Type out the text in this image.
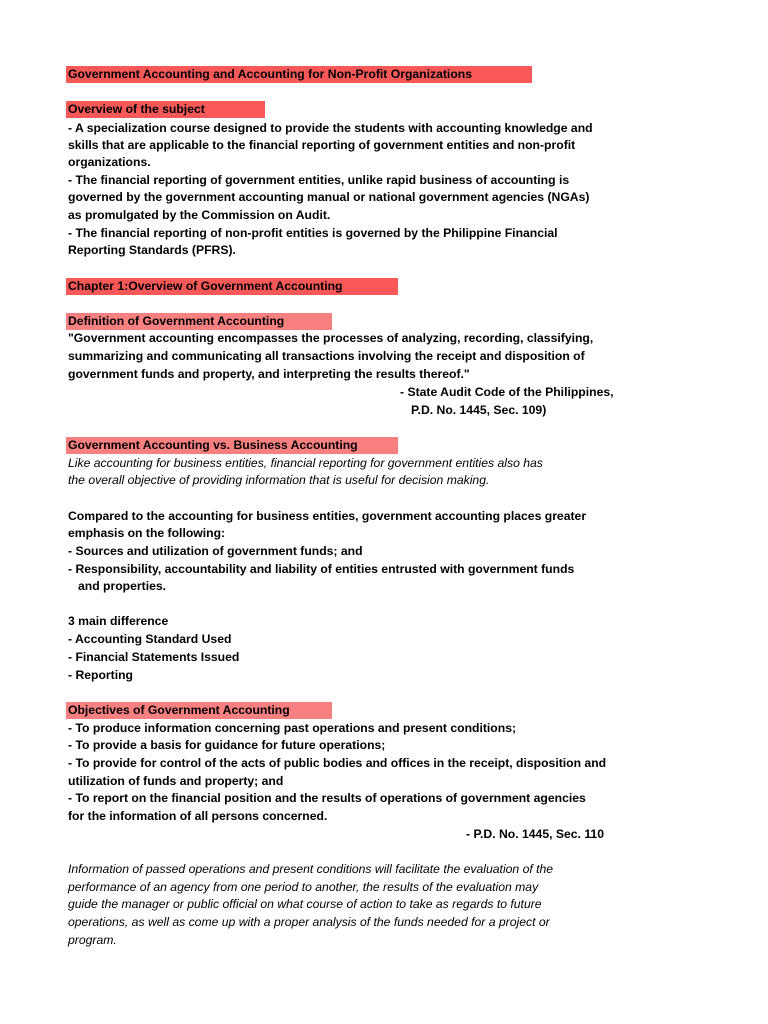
Government Accounting and Accounting for Non-Profit Organizations
Overview of the subject
- A specialization course designed to provide the students with accounting knowledge and
skills that are applicable to the financial reporting of government entities and non-profit
organizations.
- The financial reporting of government entities, unlike rapid business of accounting is
governed by the government accounting manual or national government agencies (NGAs)
as promulgated by the Commission on Audit.
- The financial reporting of non-profit entities is governed by the Philippine Financial
Reporting Standards (PFRS).
Chapter 1:Overview of Government Accounting
Definition of Government Accounting
"Government accounting encompasses the processes of analyzing, recording, classifying,
summarizing and communicating all transactions involving the receipt and disposition of
government funds and property, and interpreting the results thereof."
- State Audit Code of the Philippines,
P.D. No. 1445, Sec. 109)
Government Accounting vs. Business Accounting
Like accounting for business entities, financial reporting for government entities also has
the overall objective of providing information that is useful for decision making.
Compared to the accounting for business entities, government accounting places greater
emphasis on the following:
- Sources and utilization of government funds; and
- Responsibility, accountability and liability of entities entrusted with government funds
and properties.
3 main difference
- Accounting Standard Used
- Financial Statements Issued
- Reporting
Objectives of Government Accounting
- To produce information concerning past operations and present conditions;
- To provide a basis for guidance for future operations;
- To provide for control of the acts of public bodies and offices in the receipt, disposition and
utilization of funds and property; and
- To report on the financial position and the results of operations of government agencies
for the information of all persons concerned.
- P.D. No. 1445, Sec. 110
Information of passed operations and present conditions will facilitate the evaluation of the
performance of an agency from one period to another, the results of the evaluation may
guide the manager or public official on what course of action to take as regards to future
operations, as well as come up with a proper analysis of the funds needed for a project or
program.
